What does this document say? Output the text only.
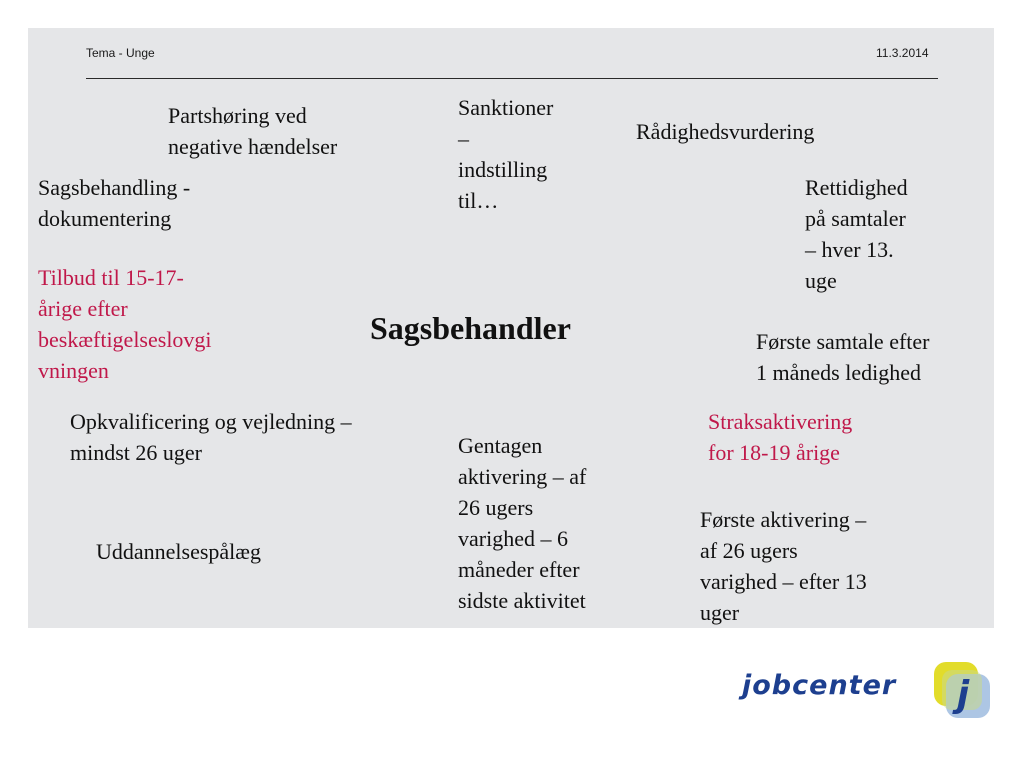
Tema - Unge	11.3.2014
Partshøring ved
negative hændelser
Sanktioner
–
indstilling
til…
Rådighedsvurdering
Sagsbehandling -
dokumentering
Rettidighed
på samtaler
– hver 13.
uge
Tilbud til 15-17-
årige efter
beskæftigelseslovgi
vningen
Sagsbehandler	Første samtale efter
1 måneds ledighed
Opkvalificering og vejledning –
mindst 26 uger	Gentagen
aktivering – af
26 ugers
varighed – 6
måneder efter
sidste aktivitet
Straksaktivering
for 18-19 årige
Første aktivering –
af 26 ugers
varighed – efter 13
uger
Uddannelsespålæg
jobcenter j
